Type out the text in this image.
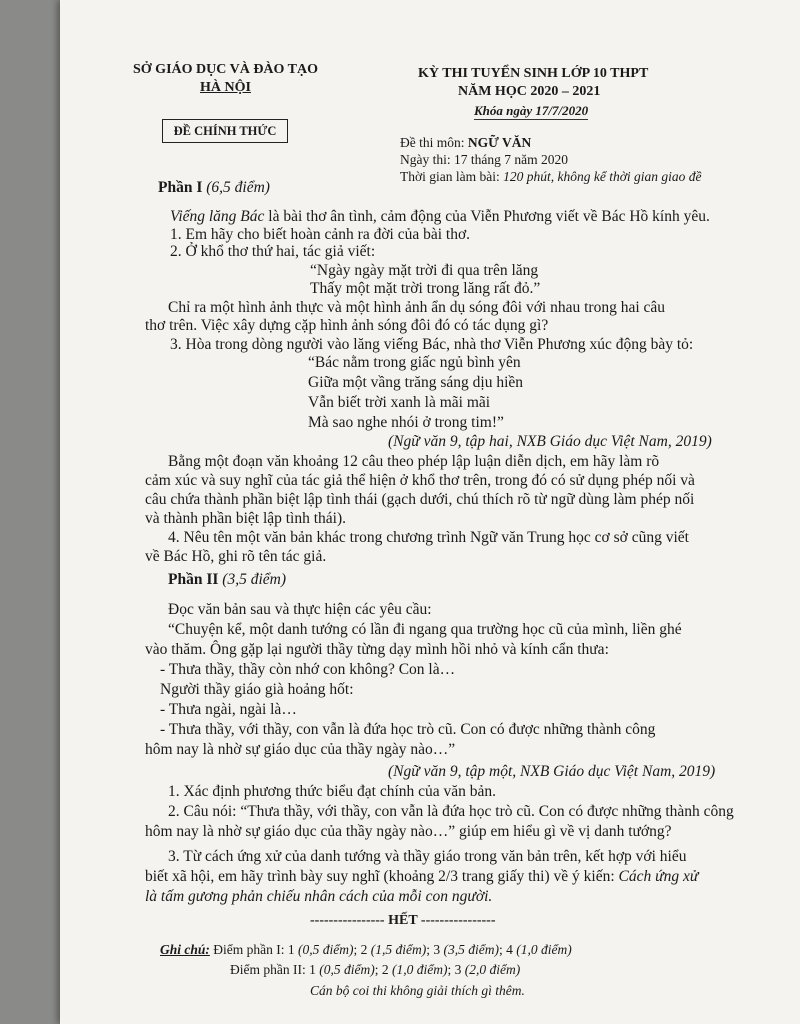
SỞ GIÁO DỤC VÀ ĐÀO TẠO
HÀ NỘI
KỲ THI TUYỂN SINH LỚP 10 THPT
NĂM HỌC 2020 – 2021
Khóa ngày 17/7/2020
ĐỀ CHÍNH THỨC
Đề thi môn: NGỮ VĂN
Ngày thi: 17 tháng 7 năm 2020
Thời gian làm bài: 120 phút, không kể thời gian giao đề
Phần I (6,5 điểm)
Viếng lăng Bác là bài thơ ân tình, cảm động của Viễn Phương viết về Bác Hồ kính yêu.
1. Em hãy cho biết hoàn cảnh ra đời của bài thơ.
2. Ở khổ thơ thứ hai, tác giả viết:
“Ngày ngày mặt trời đi qua trên lăng
Thấy một mặt trời trong lăng rất đỏ.”
Chỉ ra một hình ảnh thực và một hình ảnh ẩn dụ sóng đôi với nhau trong hai câu
thơ trên. Việc xây dựng cặp hình ảnh sóng đôi đó có tác dụng gì?
3. Hòa trong dòng người vào lăng viếng Bác, nhà thơ Viễn Phương xúc động bày tỏ:
“Bác nằm trong giấc ngủ bình yên
Giữa một vầng trăng sáng dịu hiền
Vẫn biết trời xanh là mãi mãi
Mà sao nghe nhói ở trong tim!”
(Ngữ văn 9, tập hai, NXB Giáo dục Việt Nam, 2019)
Bằng một đoạn văn khoảng 12 câu theo phép lập luận diễn dịch, em hãy làm rõ
cảm xúc và suy nghĩ của tác giả thể hiện ở khổ thơ trên, trong đó có sử dụng phép nối và
câu chứa thành phần biệt lập tình thái (gạch dưới, chú thích rõ từ ngữ dùng làm phép nối
và thành phần biệt lập tình thái).
4. Nêu tên một văn bản khác trong chương trình Ngữ văn Trung học cơ sở cũng viết
về Bác Hồ, ghi rõ tên tác giả.
Phần II (3,5 điểm)
Đọc văn bản sau và thực hiện các yêu cầu:
“Chuyện kể, một danh tướng có lần đi ngang qua trường học cũ của mình, liền ghé
vào thăm. Ông gặp lại người thầy từng dạy mình hồi nhỏ và kính cẩn thưa:
- Thưa thầy, thầy còn nhớ con không? Con là…
Người thầy giáo già hoảng hốt:
- Thưa ngài, ngài là…
- Thưa thầy, với thầy, con vẫn là đứa học trò cũ. Con có được những thành công
hôm nay là nhờ sự giáo dục của thầy ngày nào…”
(Ngữ văn 9, tập một, NXB Giáo dục Việt Nam, 2019)
1. Xác định phương thức biểu đạt chính của văn bản.
2. Câu nói: “Thưa thầy, với thầy, con vẫn là đứa học trò cũ. Con có được những thành công
hôm nay là nhờ sự giáo dục của thầy ngày nào…” giúp em hiểu gì về vị danh tướng?
3. Từ cách ứng xử của danh tướng và thầy giáo trong văn bản trên, kết hợp với hiểu
biết xã hội, em hãy trình bày suy nghĩ (khoảng 2/3 trang giấy thi) về ý kiến: Cách ứng xử
là tấm gương phản chiếu nhân cách của mỗi con người.
---------------- HẾT ----------------
Ghi chú: Điểm phần I: 1 (0,5 điểm); 2 (1,5 điểm); 3 (3,5 điểm); 4 (1,0 điểm)
Điểm phần II: 1 (0,5 điểm); 2 (1,0 điểm); 3 (2,0 điểm)
Cán bộ coi thi không giải thích gì thêm.
